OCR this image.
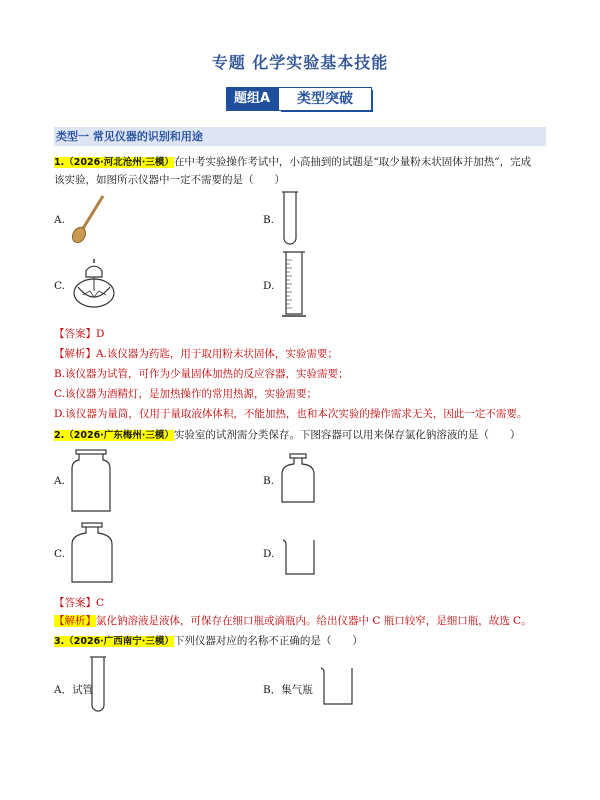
专题 化学实验基本技能
题组A	类型突破
类型一 常见仪器的识别和用途
1.（2026·河北沧州·三模）在中考实验操作考试中，小高抽到的试题是“取少量粉末状固体并加热”，完成
该实验，如图所示仪器中一定不需要的是（　　）
A.	B.
C.	D.
【答案】D
【解析】A.该仪器为药匙，用于取用粉末状固体，实验需要；
B.该仪器为试管，可作为少量固体加热的反应容器，实验需要；
C.该仪器为酒精灯，是加热操作的常用热源，实验需要；
D.该仪器为量筒，仅用于量取液体体积，不能加热，也和本次实验的操作需求无关，因此一定不需要。
2.（2026·广东梅州·三模）实验室的试剂需分类保存。下图容器可以用来保存氯化钠溶液的是（　　）
A.	B.
C.	D.
【答案】C
【解析】氯化钠溶液是液体，可保存在细口瓶或滴瓶内。给出仪器中 C 瓶口较窄，是细口瓶，故选 C。
3.（2026·广西南宁·三模）下列仪器对应的名称不正确的是（　　）
A．试管	B．集气瓶
